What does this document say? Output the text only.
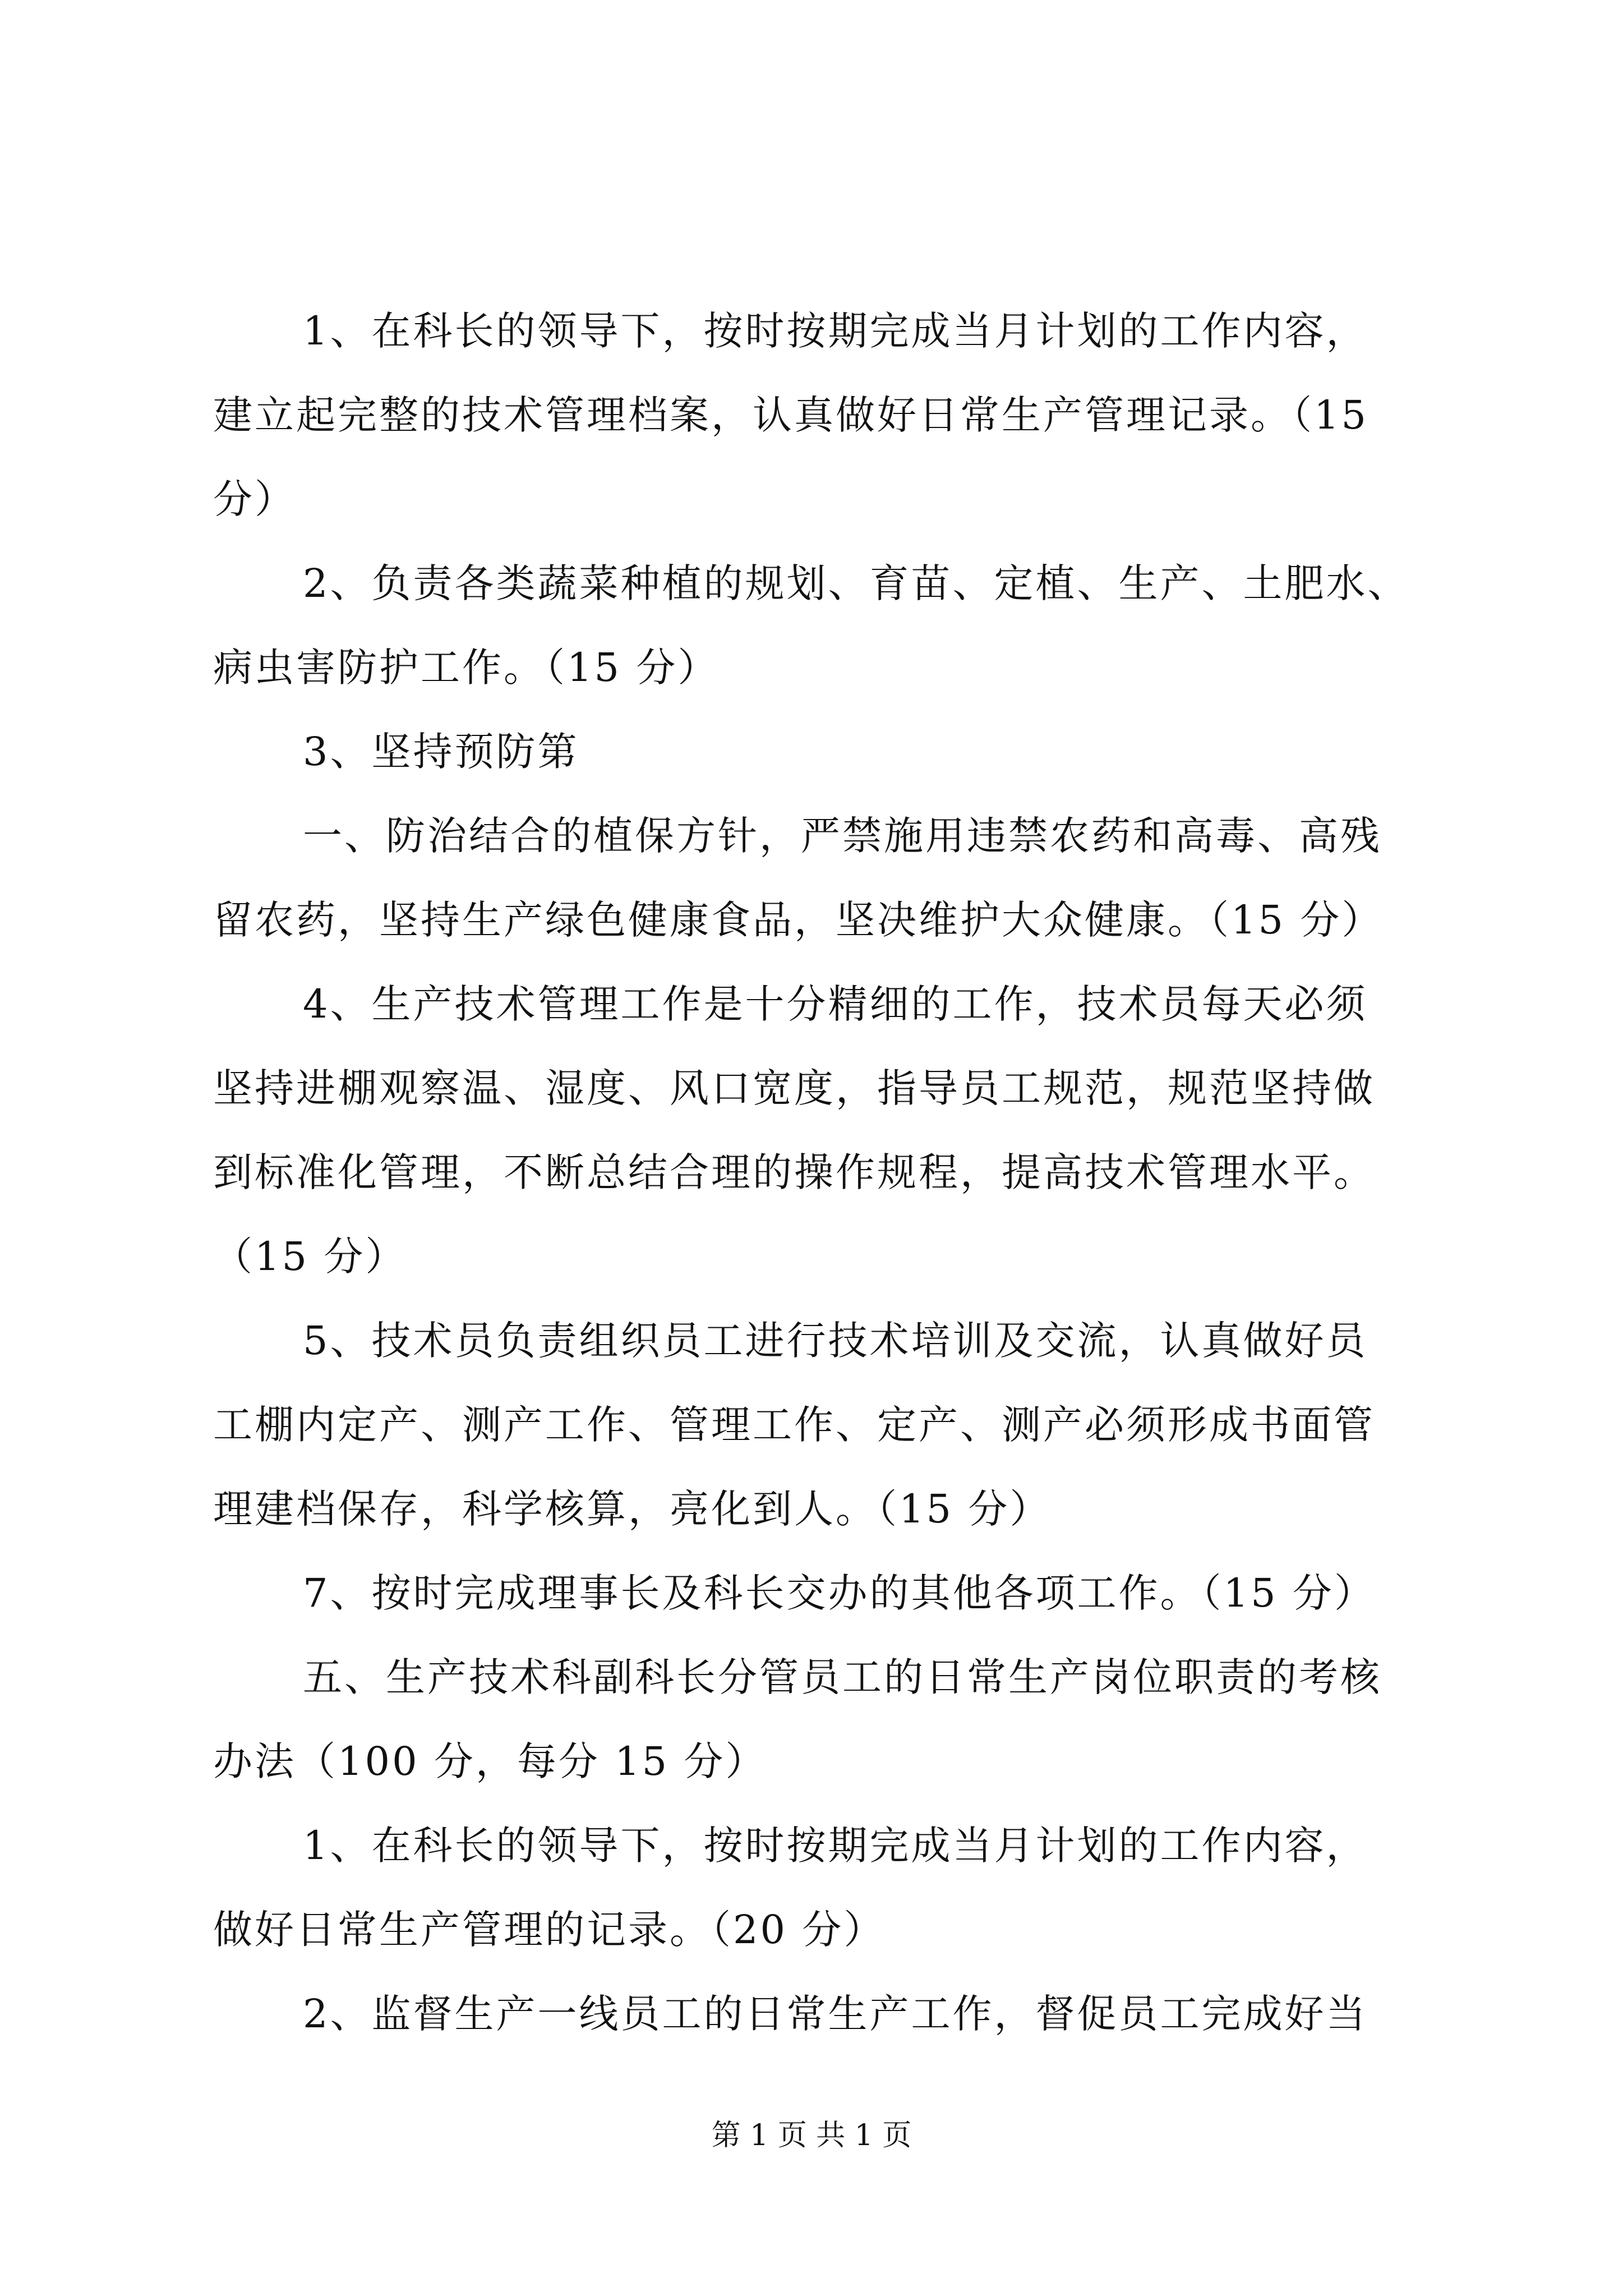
1、在科长的领导下，按时按期完成当月计划的工作内容，
建立起完整的技术管理档案，认真做好日常生产管理记录。（15
分）
2、负责各类蔬菜种植的规划、育苗、定植、生产、土肥水、
病虫害防护工作。（15 分）
3、坚持预防第
一、防治结合的植保方针，严禁施用违禁农药和高毒、高残
留农药，坚持生产绿色健康食品，坚决维护大众健康。（15 分）
4、生产技术管理工作是十分精细的工作，技术员每天必须
坚持进棚观察温、湿度、风口宽度，指导员工规范，规范坚持做
到标准化管理，不断总结合理的操作规程，提高技术管理水平。
（15 分）
5、技术员负责组织员工进行技术培训及交流，认真做好员
工棚内定产、测产工作、管理工作、定产、测产必须形成书面管
理建档保存，科学核算，亮化到人。（15 分）
7、按时完成理事长及科长交办的其他各项工作。（15 分）
五、生产技术科副科长分管员工的日常生产岗位职责的考核
办法（100 分，每分 15 分）
1、在科长的领导下，按时按期完成当月计划的工作内容，
做好日常生产管理的记录。（20 分）
2、监督生产一线员工的日常生产工作，督促员工完成好当
第 1 页 共 1 页
